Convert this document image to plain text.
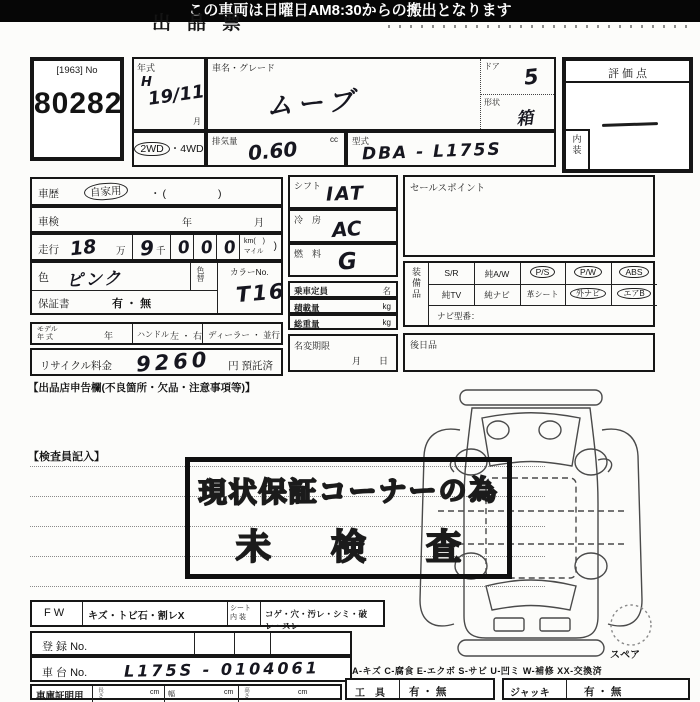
この車両は日曜日AM8:30からの搬出となります
出品票
[1963] No
80282
年式
H
19/11
月
2WD ・4WD
車名・グレード
ムーブ
ドア 5
形状
箱
排気量	cc
0.60	型式
DBA - L175S
評 価 点
内装
車歴	自家用	・(　　　　)
車検	年	月
走行 18 万 9 千 0 0 0 km(　)
マイル )
色 ピンク	色替	カラーNo.
T16
保証書	有 ・ 無
モデル
年 式	年	ハンドル 左 ・ 右 ディーラー ・ 並行
リサイクル料金 9260 円 預託済
【出品店申告欄(不良箇所・欠品・注意事項等)】
シフト IAT
冷　房 AC
燃　料 G
乗車定員	名
積載量	kg
総重量	kg
名変期限
月　　日
セールスポイント
装備品	S/R	純A/W	P/S	P/W	ABS
純TV	純ナビ	革シート	外ナビ	エアB
ナビ型番：
後日品
【検査員記入】
スペア
現状保証コーナーの為
未 検 査
F W キズ・トビ石・割レX
シート
内 装 コゲ・穴・汚レ・シミ・破レ・スレ
登 録 No.
車 台 No. L175S - 0104061
車庫証明用 長さ	cm 幅	cm 高さ	cm
A-キズ C-腐食 E-エクボ S-サビ U-凹ミ W-補修 XX-交換済
工　具 有 ・ 無	ジャッキ	有 ・ 無
